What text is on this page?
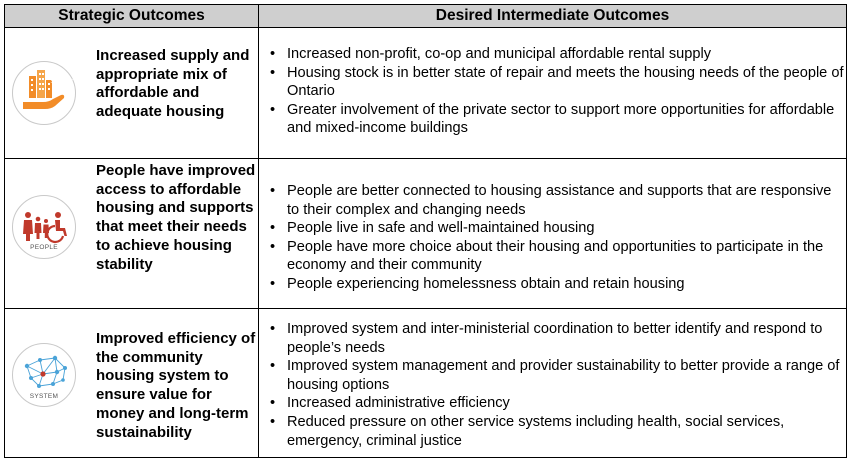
Strategic Outcomes	Desired Intermediate Outcomes
SUPPLY
Increased supply and appropriate mix of affordable and adequate housing
• Increased non-profit, co-op and municipal affordable rental supply
• Housing stock is in better state of repair and meets the housing needs of the people of Ontario
• Greater involvement of the private sector to support more opportunities for affordable and mixed-income buildings
PEOPLE
People have improved access to affordable housing and supports that meet their needs to achieve housing stability
• People are better connected to housing assistance and supports that are responsive to their complex and changing needs
• People live in safe and well-maintained housing
• People have more choice about their housing and opportunities to participate in the economy and their community
• People experiencing homelessness obtain and retain housing
SYSTEM
Improved efficiency of the community housing system to ensure value for money and long-term sustainability
• Improved system and inter-ministerial coordination to better identify and respond to people’s needs
• Improved system management and provider sustainability to better provide a range of housing options
• Increased administrative efficiency
• Reduced pressure on other service systems including health, social services, emergency, criminal justice
